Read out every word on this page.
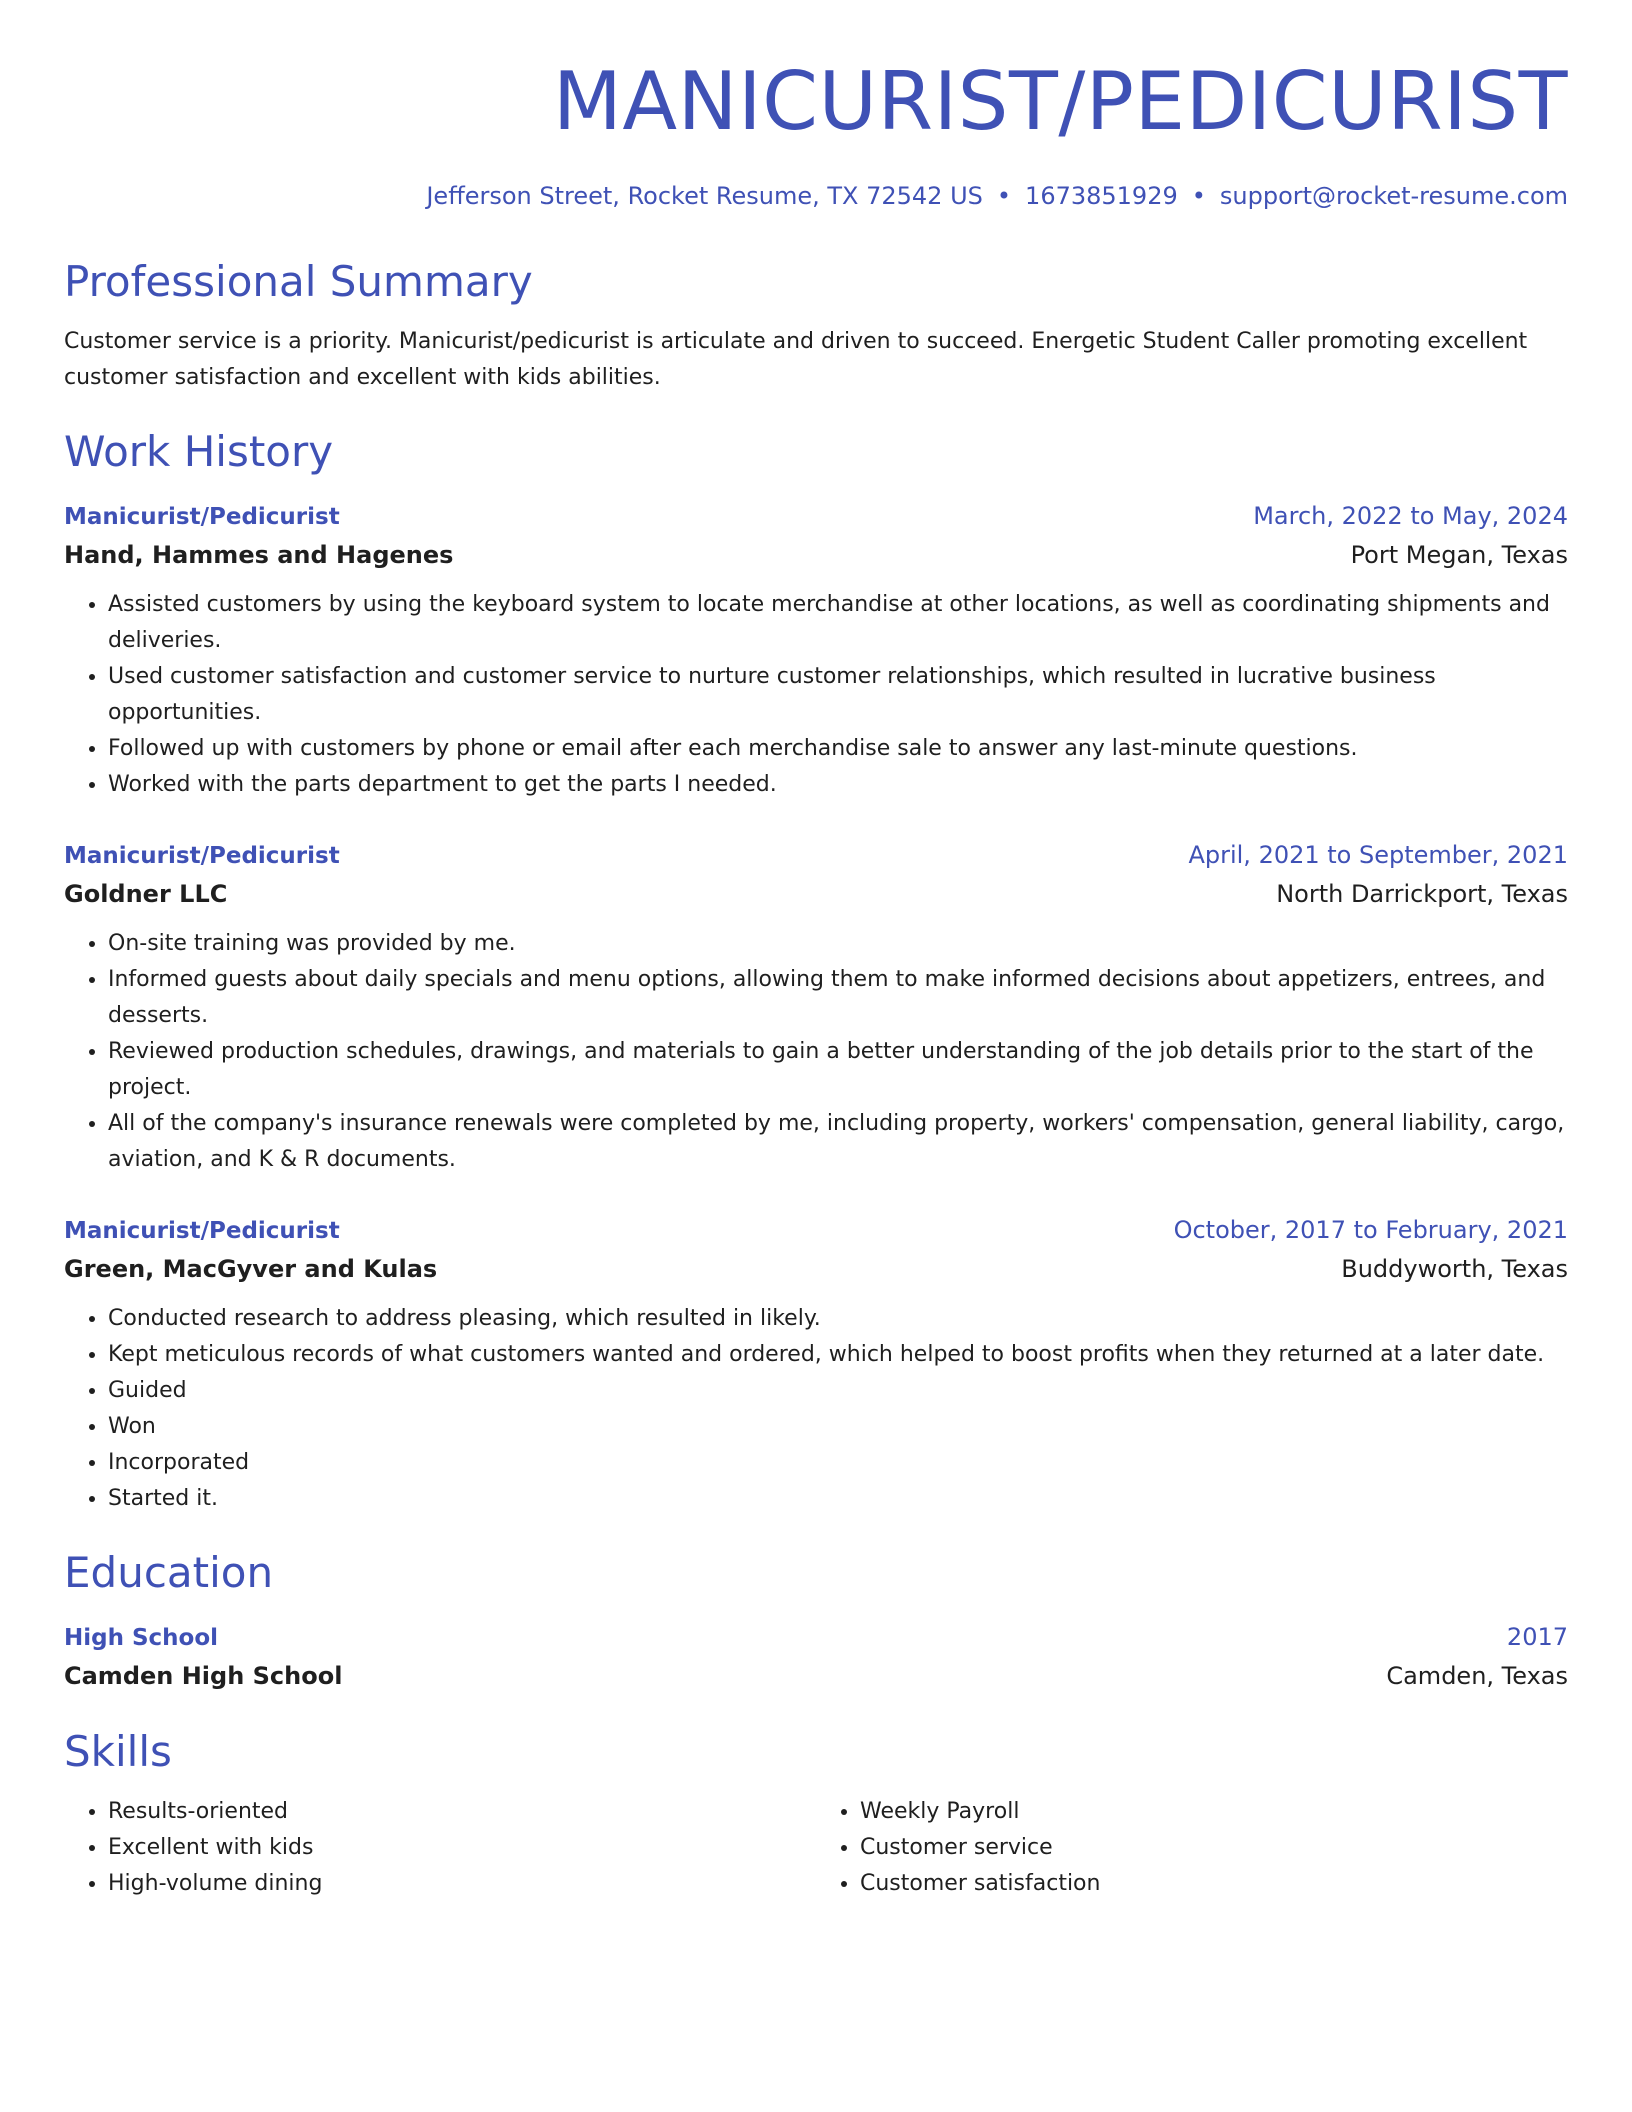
MANICURIST/PEDICURIST
Jefferson Street, Rocket Resume, TX 72542 US • 1673851929 • support@rocket-resume.com
Professional Summary
Customer service is a priority. Manicurist/pedicurist is articulate and driven to succeed. Energetic Student Caller promoting excellent customer satisfaction and excellent with kids abilities.
Work History
Manicurist/Pedicurist	March, 2022 to May, 2024
Hand, Hammes and Hagenes	Port Megan, Texas
• Assisted customers by using the keyboard system to locate merchandise at other locations, as well as coordinating shipments and deliveries.
• Used customer satisfaction and customer service to nurture customer relationships, which resulted in lucrative business opportunities.
• Followed up with customers by phone or email after each merchandise sale to answer any last-minute questions.
• Worked with the parts department to get the parts I needed.
Manicurist/Pedicurist	April, 2021 to September, 2021
Goldner LLC	North Darrickport, Texas
• On-site training was provided by me.
• Informed guests about daily specials and menu options, allowing them to make informed decisions about appetizers, entrees, and desserts.
• Reviewed production schedules, drawings, and materials to gain a better understanding of the job details prior to the start of the project.
• All of the company's insurance renewals were completed by me, including property, workers' compensation, general liability, cargo, aviation, and K & R documents.
Manicurist/Pedicurist	October, 2017 to February, 2021
Green, MacGyver and Kulas	Buddyworth, Texas
• Conducted research to address pleasing, which resulted in likely.
• Kept meticulous records of what customers wanted and ordered, which helped to boost profits when they returned at a later date.
• Guided
• Won
• Incorporated
• Started it.
Education
High School	2017
Camden High School	Camden, Texas
Skills
• Results-oriented
• Excellent with kids
• High-volume dining
• Weekly Payroll
• Customer service
• Customer satisfaction
